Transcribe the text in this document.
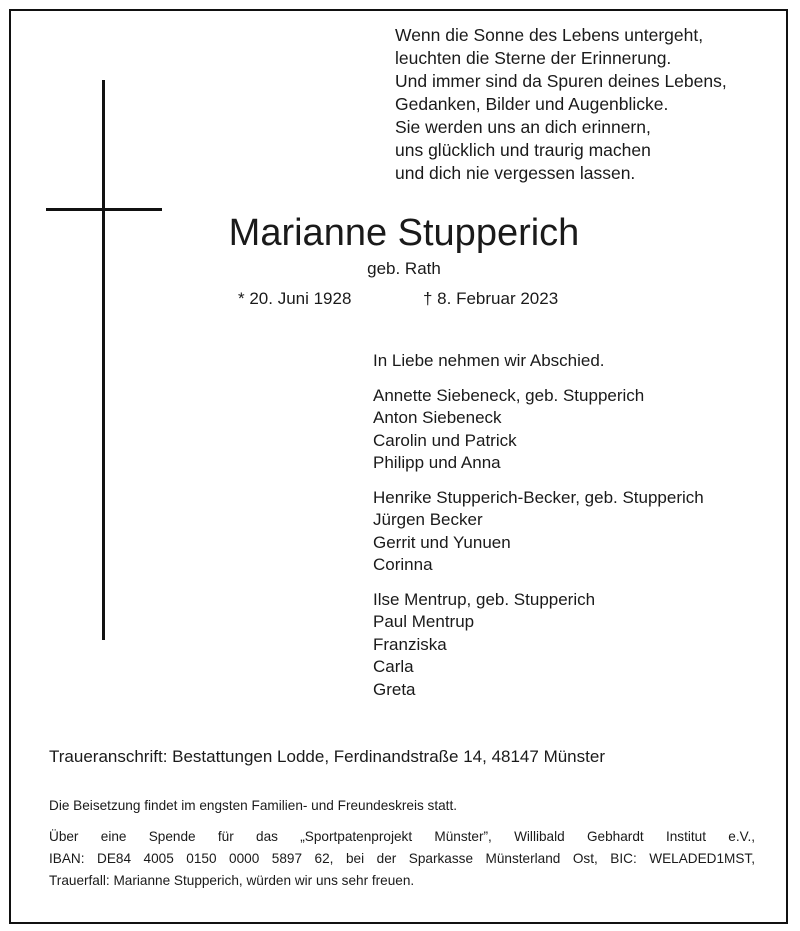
Wenn die Sonne des Lebens untergeht,
leuchten die Sterne der Erinnerung.
Und immer sind da Spuren deines Lebens,
Gedanken, Bilder und Augenblicke.
Sie werden uns an dich erinnern,
uns glücklich und traurig machen
und dich nie vergessen lassen.
Marianne Stupperich
geb. Rath
* 20. Juni 1928	† 8. Februar 2023
In Liebe nehmen wir Abschied.
Annette Siebeneck, geb. Stupperich
Anton Siebeneck
Carolin und Patrick
Philipp und Anna
Henrike Stupperich-Becker, geb. Stupperich
Jürgen Becker
Gerrit und Yunuen
Corinna
Ilse Mentrup, geb. Stupperich
Paul Mentrup
Franziska
Carla
Greta
Traueranschrift: Bestattungen Lodde, Ferdinandstraße 14, 48147 Münster
Die Beisetzung findet im engsten Familien- und Freundeskreis statt.
Über eine Spende für das „Sportpatenprojekt Münster”, Willibald Gebhardt Institut e.V.,
IBAN: DE84 4005 0150 0000 5897 62, bei der Sparkasse Münsterland Ost, BIC: WELADED1MST,
Trauerfall: Marianne Stupperich, würden wir uns sehr freuen.
